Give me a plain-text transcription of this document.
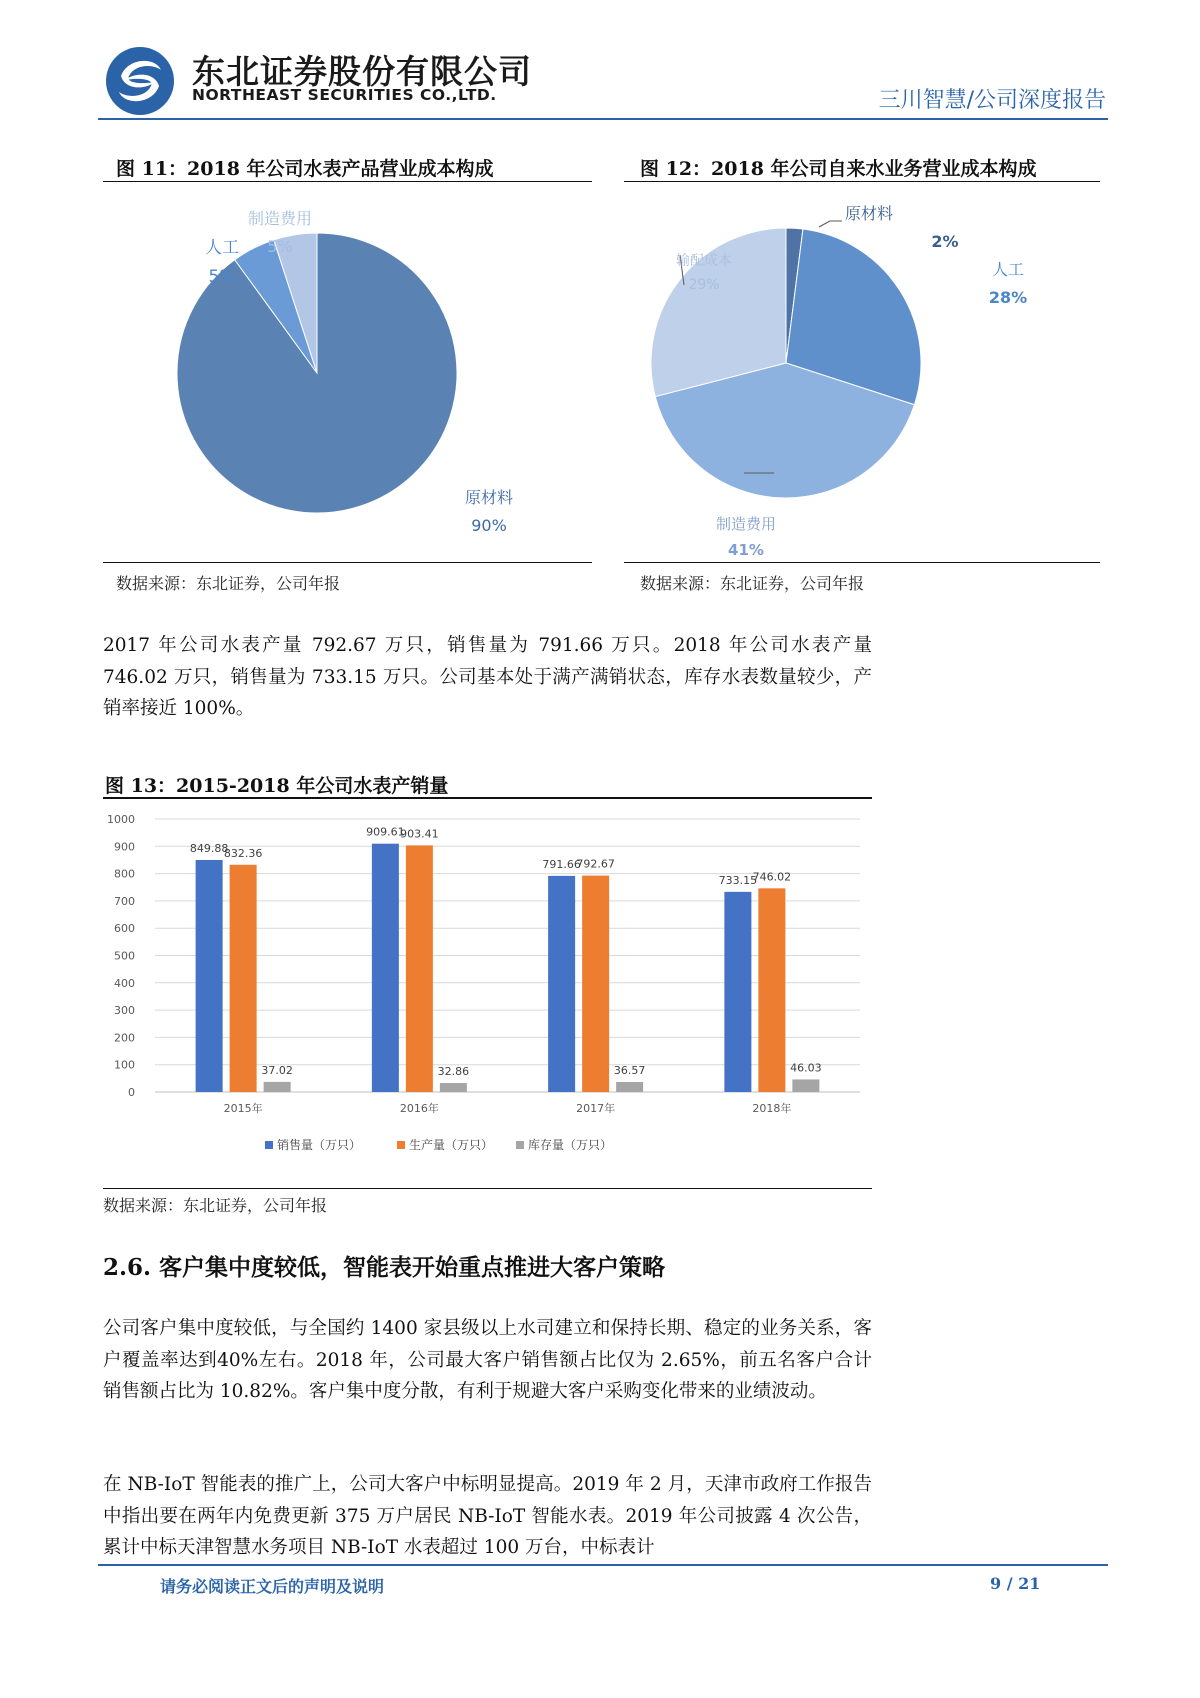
东北证券股份有限公司
NORTHEAST SECURITIES CO.,LTD.	三川智慧/公司深度报告
图 11：2018 年公司水表产品营业成本构成
原材料
90%
人工
5%
制造费用
5%
数据来源：东北证券，公司年报
图 12：2018 年公司自来水业务营业成本构成
原材料
2%
人工
28%
制造费用
41%
输配成本
29%
数据来源：东北证券，公司年报
2017 年公司水表产量 792.67 万只，销售量为 791.66 万只。2018 年公司水表产量 746.02 万只，销售量为 733.15 万只。公司基本处于满产满销状态，库存水表数量较少，产销率接近 100%。
图 13：2015-2018 年公司水表产销量
0
100
200
300
400
500
600
700
800
900
1000
849.88
832.36
37.02
909.61
903.41
32.86
791.66
792.67
36.57
733.15
746.02
46.03
2015年	2016年	2017年	2018年
销售量（万只）	生产量（万只）	库存量（万只）
数据来源：东北证券，公司年报
2.6. 客户集中度较低，智能表开始重点推进大客户策略
公司客户集中度较低，与全国约 1400 家县级以上水司建立和保持长期、稳定的业务关系，客户覆盖率达到40%左右。2018 年，公司最大客户销售额占比仅为 2.65%，前五名客户合计销售额占比为 10.82%。客户集中度分散，有利于规避大客户采购变化带来的业绩波动。
在 NB-IoT 智能表的推广上，公司大客户中标明显提高。2019 年 2 月，天津市政府工作报告中指出要在两年内免费更新 375 万户居民 NB-IoT 智能水表。2019 年公司披露 4 次公告，累计中标天津智慧水务项目 NB-IoT 水表超过 100 万台，中标表计
请务必阅读正文后的声明及说明	9 / 21
